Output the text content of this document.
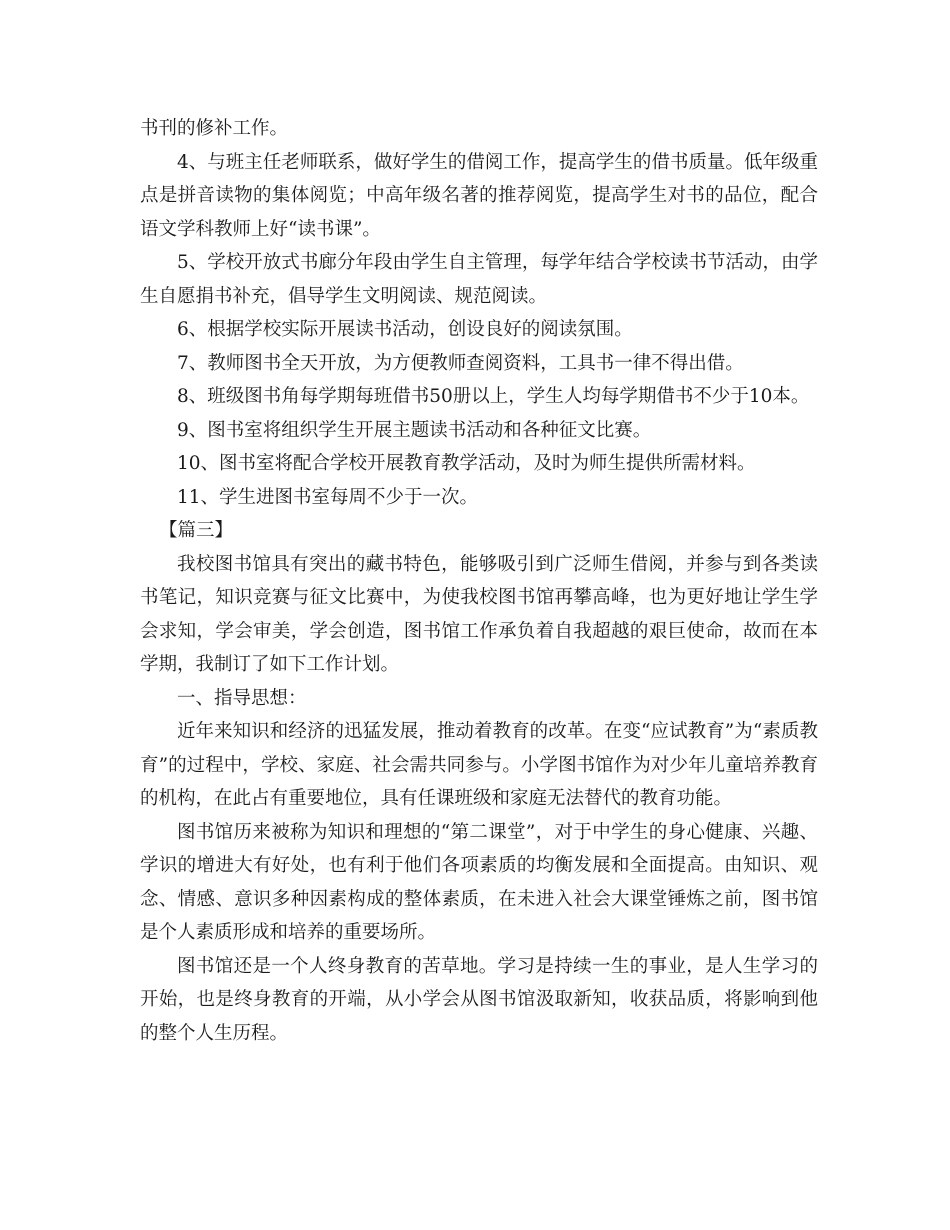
书刊的修补工作。

4、与班主任老师联系，做好学生的借阅工作，提高学生的借书质量。低年级重点是拼音读物的集体阅览；中高年级名著的推荐阅览，提高学生对书的品位，配合语文学科教师上好“读书课”。

5、学校开放式书廊分年段由学生自主管理，每学年结合学校读书节活动，由学生自愿捐书补充，倡导学生文明阅读、规范阅读。

6、根据学校实际开展读书活动，创设良好的阅读氛围。

7、教师图书全天开放，为方便教师查阅资料，工具书一律不得出借。

8、班级图书角每学期每班借书50册以上，学生人均每学期借书不少于10本。

9、图书室将组织学生开展主题读书活动和各种征文比赛。

10、图书室将配合学校开展教育教学活动，及时为师生提供所需材料。

11、学生进图书室每周不少于一次。

【篇三】

我校图书馆具有突出的藏书特色，能够吸引到广泛师生借阅，并参与到各类读书笔记，知识竞赛与征文比赛中，为使我校图书馆再攀高峰，也为更好地让学生学会求知，学会审美，学会创造，图书馆工作承负着自我超越的艰巨使命，故而在本学期，我制订了如下工作计划。

一、指导思想：

近年来知识和经济的迅猛发展，推动着教育的改革。在变“应试教育”为“素质教育”的过程中，学校、家庭、社会需共同参与。小学图书馆作为对少年儿童培养教育的机构，在此占有重要地位，具有任课班级和家庭无法替代的教育功能。

图书馆历来被称为知识和理想的“第二课堂”，对于中学生的身心健康、兴趣、学识的增进大有好处，也有利于他们各项素质的均衡发展和全面提高。由知识、观念、情感、意识多种因素构成的整体素质，在未进入社会大课堂锤炼之前，图书馆是个人素质形成和培养的重要场所。

图书馆还是一个人终身教育的苦草地。学习是持续一生的事业，是人生学习的开始，也是终身教育的开端，从小学会从图书馆汲取新知，收获品质，将影响到他的整个人生历程。
